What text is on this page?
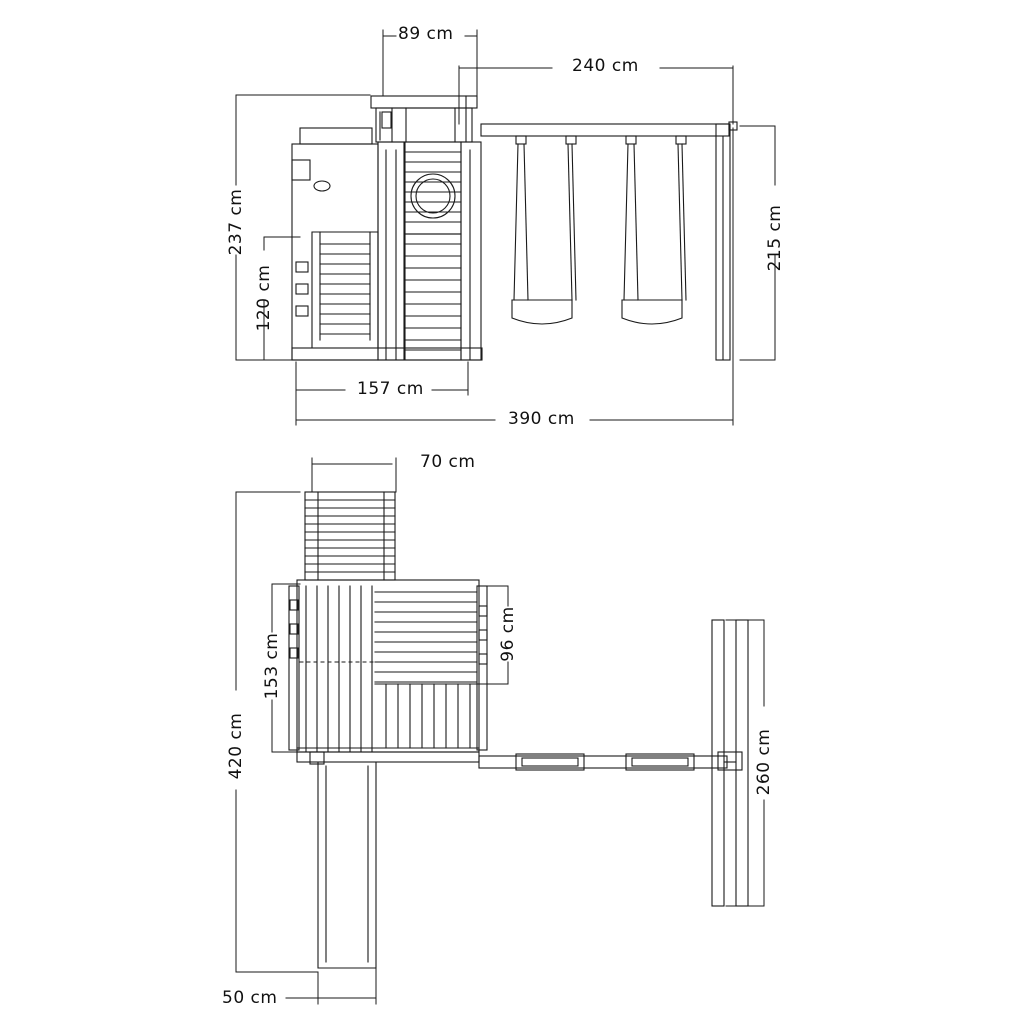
89 cm
240 cm
237 cm
120 cm
215 cm
157 cm
390 cm
70 cm
153 cm	96 cm
420 cm	260 cm
50 cm
